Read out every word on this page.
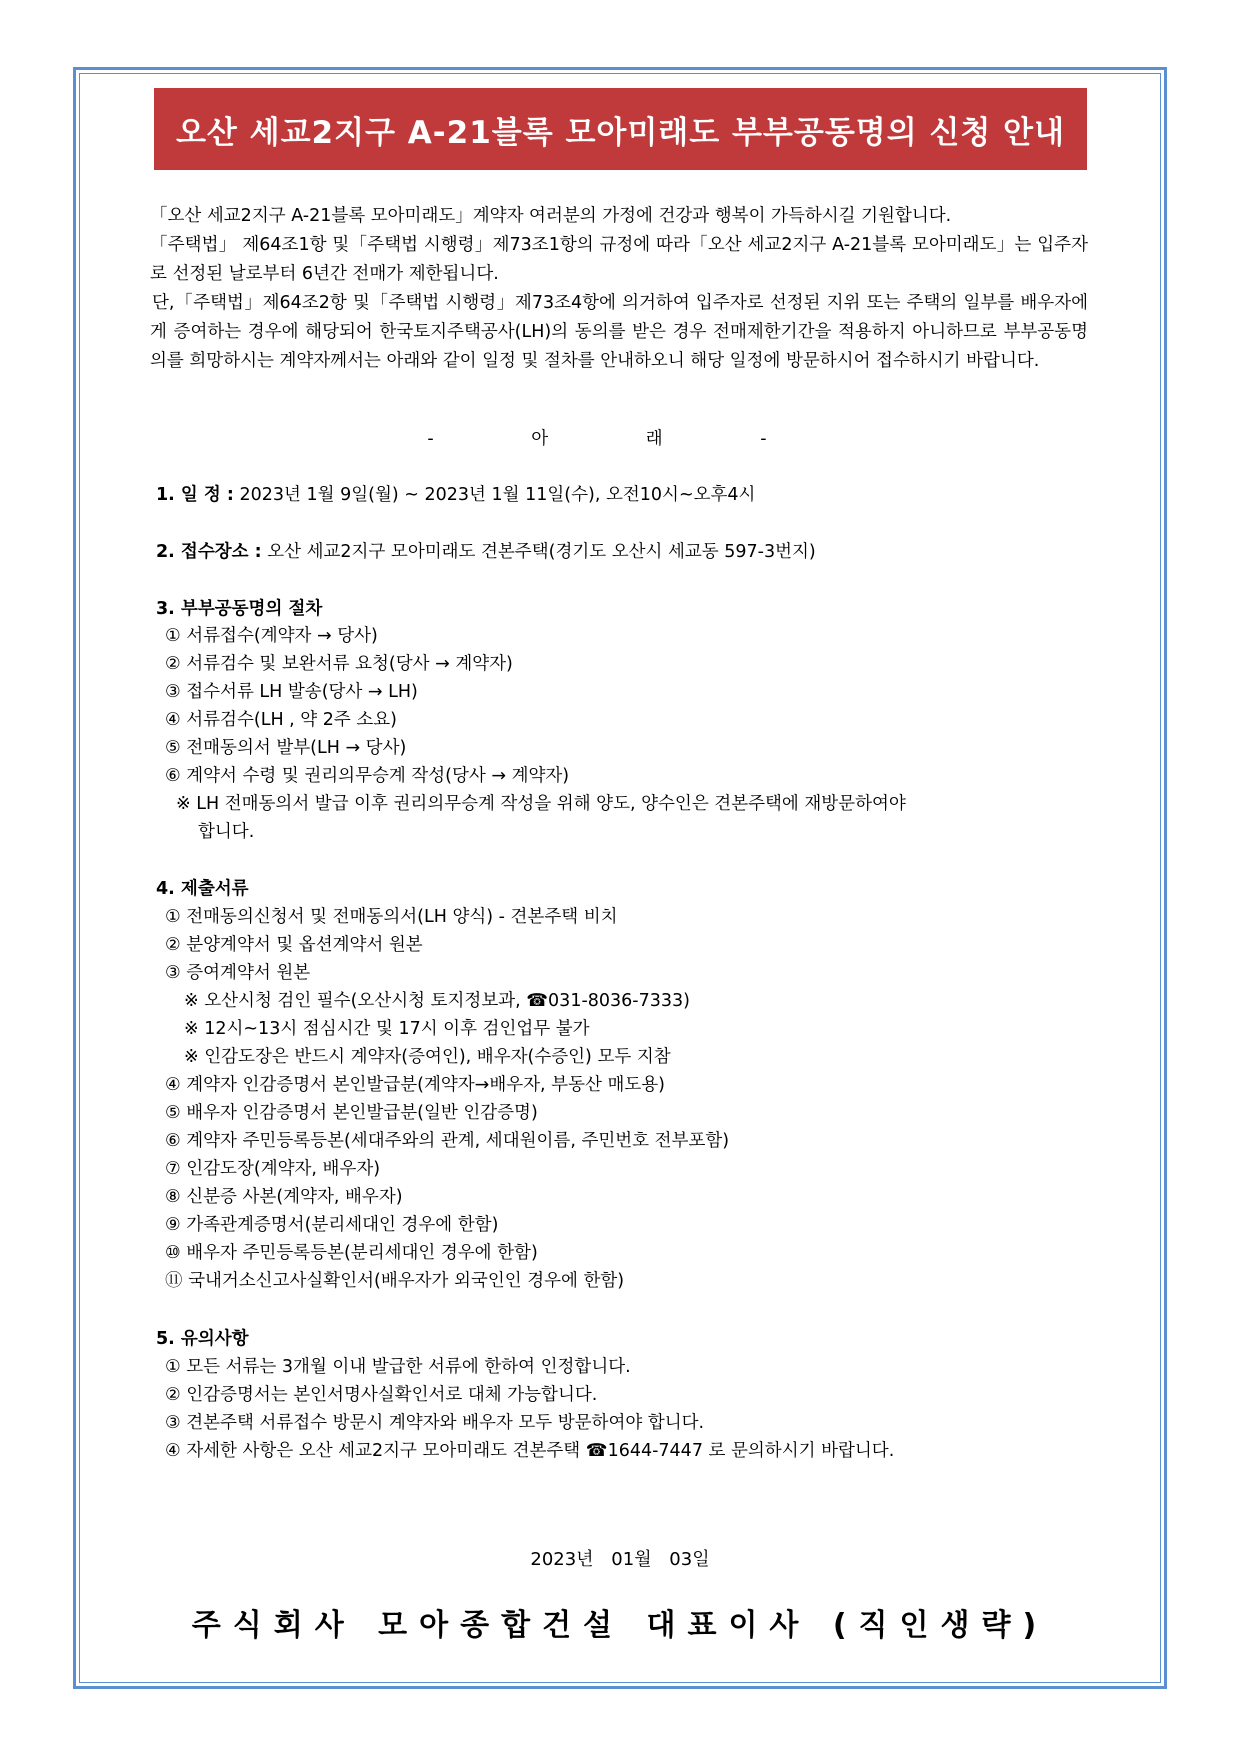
오산 세교2지구 A-21블록 모아미래도 부부공동명의 신청 안내

「오산 세교2지구 A-21블록 모아미래도」계약자 여러분의 가정에 건강과 행복이 가득하시길 기원합니다.

「주택법」 제64조1항 및「주택법 시행령」제73조1항의 규정에 따라「오산 세교2지구 A-21블록 모아미래도」는 입주자로 선정된 날로부터 6년간 전매가 제한됩니다.

단,「주택법」제64조2항 및「주택법 시행령」제73조4항에 의거하여 입주자로 선정된 지위 또는 주택의 일부를 배우자에게 증여하는 경우에 해당되어 한국토지주택공사(LH)의 동의를 받은 경우 전매제한기간을 적용하지 아니하므로 부부공동명의를 희망하시는 계약자께서는 아래와 같이 일정 및 절차를 안내하오니 해당 일정에 방문하시어 접수하시기 바랍니다.

- 아 래 -
1. 일 정 : 2023년 1월 9일(월) ~ 2023년 1월 11일(수), 오전10시~오후4시
2. 접수장소 : 오산 세교2지구 모아미래도 견본주택(경기도 오산시 세교동 597-3번지)
3. 부부공동명의 절차
① 서류접수(계약자 → 당사)
② 서류검수 및 보완서류 요청(당사 → 계약자)
③ 접수서류 LH 발송(당사 → LH)
④ 서류검수(LH , 약 2주 소요)
⑤ 전매동의서 발부(LH → 당사)
⑥ 계약서 수령 및 권리의무승계 작성(당사 → 계약자)
※ LH 전매동의서 발급 이후 권리의무승계 작성을 위해 양도, 양수인은 견본주택에 재방문하여야
합니다.
4. 제출서류
① 전매동의신청서 및 전매동의서(LH 양식) - 견본주택 비치
② 분양계약서 및 옵션계약서 원본
③ 증여계약서 원본
※ 오산시청 검인 필수(오산시청 토지정보과, ☎031-8036-7333)
※ 12시~13시 점심시간 및 17시 이후 검인업무 불가
※ 인감도장은 반드시 계약자(증여인), 배우자(수증인) 모두 지참
④ 계약자 인감증명서 본인발급분(계약자→배우자, 부동산 매도용)
⑤ 배우자 인감증명서 본인발급분(일반 인감증명)
⑥ 계약자 주민등록등본(세대주와의 관계, 세대원이름, 주민번호 전부포함)
⑦ 인감도장(계약자, 배우자)
⑧ 신분증 사본(계약자, 배우자)
⑨ 가족관계증명서(분리세대인 경우에 한함)
⑩ 배우자 주민등록등본(분리세대인 경우에 한함)
⑪ 국내거소신고사실확인서(배우자가 외국인인 경우에 한함)
5. 유의사항
① 모든 서류는 3개월 이내 발급한 서류에 한하여 인정합니다.
② 인감증명서는 본인서명사실확인서로 대체 가능합니다.
③ 견본주택 서류접수 방문시 계약자와 배우자 모두 방문하여야 합니다.
④ 자세한 사항은 오산 세교2지구 모아미래도 견본주택 ☎1644-7447 로 문의하시기 바랍니다.
2023년 01월 03일
주식회사 모아종합건설 대표이사 (직인생략)
